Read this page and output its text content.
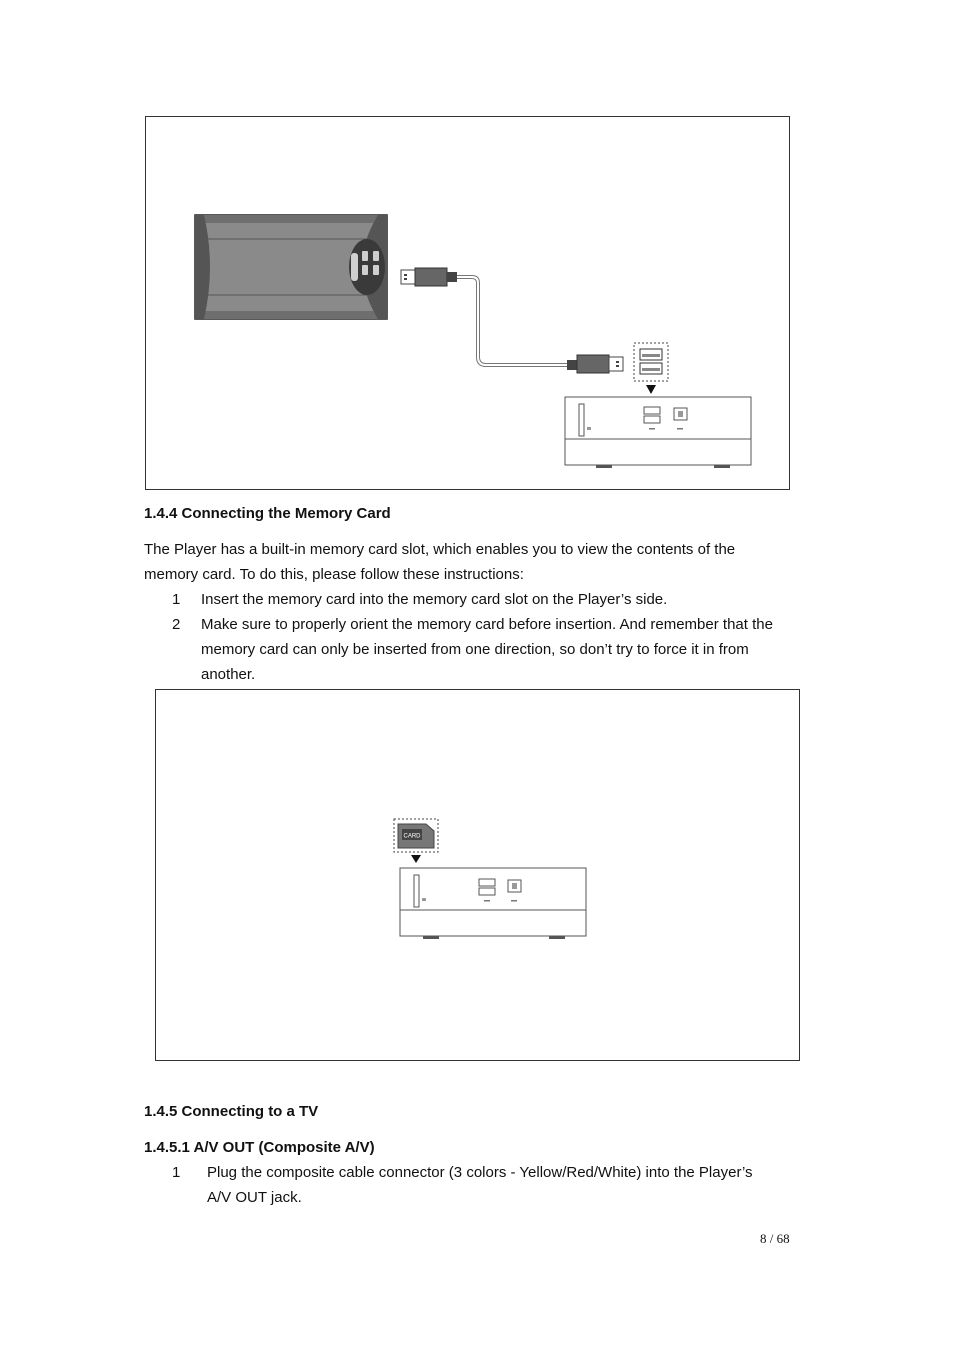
1.4.4 Connecting the Memory Card
The Player has a built-in memory card slot, which enables you to view the contents of the
memory card. To do this, please follow these instructions:
1 Insert the memory card into the memory card slot on the Player’s side.
2 Make sure to properly orient the memory card before insertion. And remember that the
memory card can only be inserted from one direction, so don’t try to force it in from
another.
CARD
1.4.5 Connecting to a TV
1.4.5.1 A/V OUT (Composite A/V)
1 Plug the composite cable connector (3 colors - Yellow/Red/White) into the Player’s
A/V OUT jack.
8 / 68
